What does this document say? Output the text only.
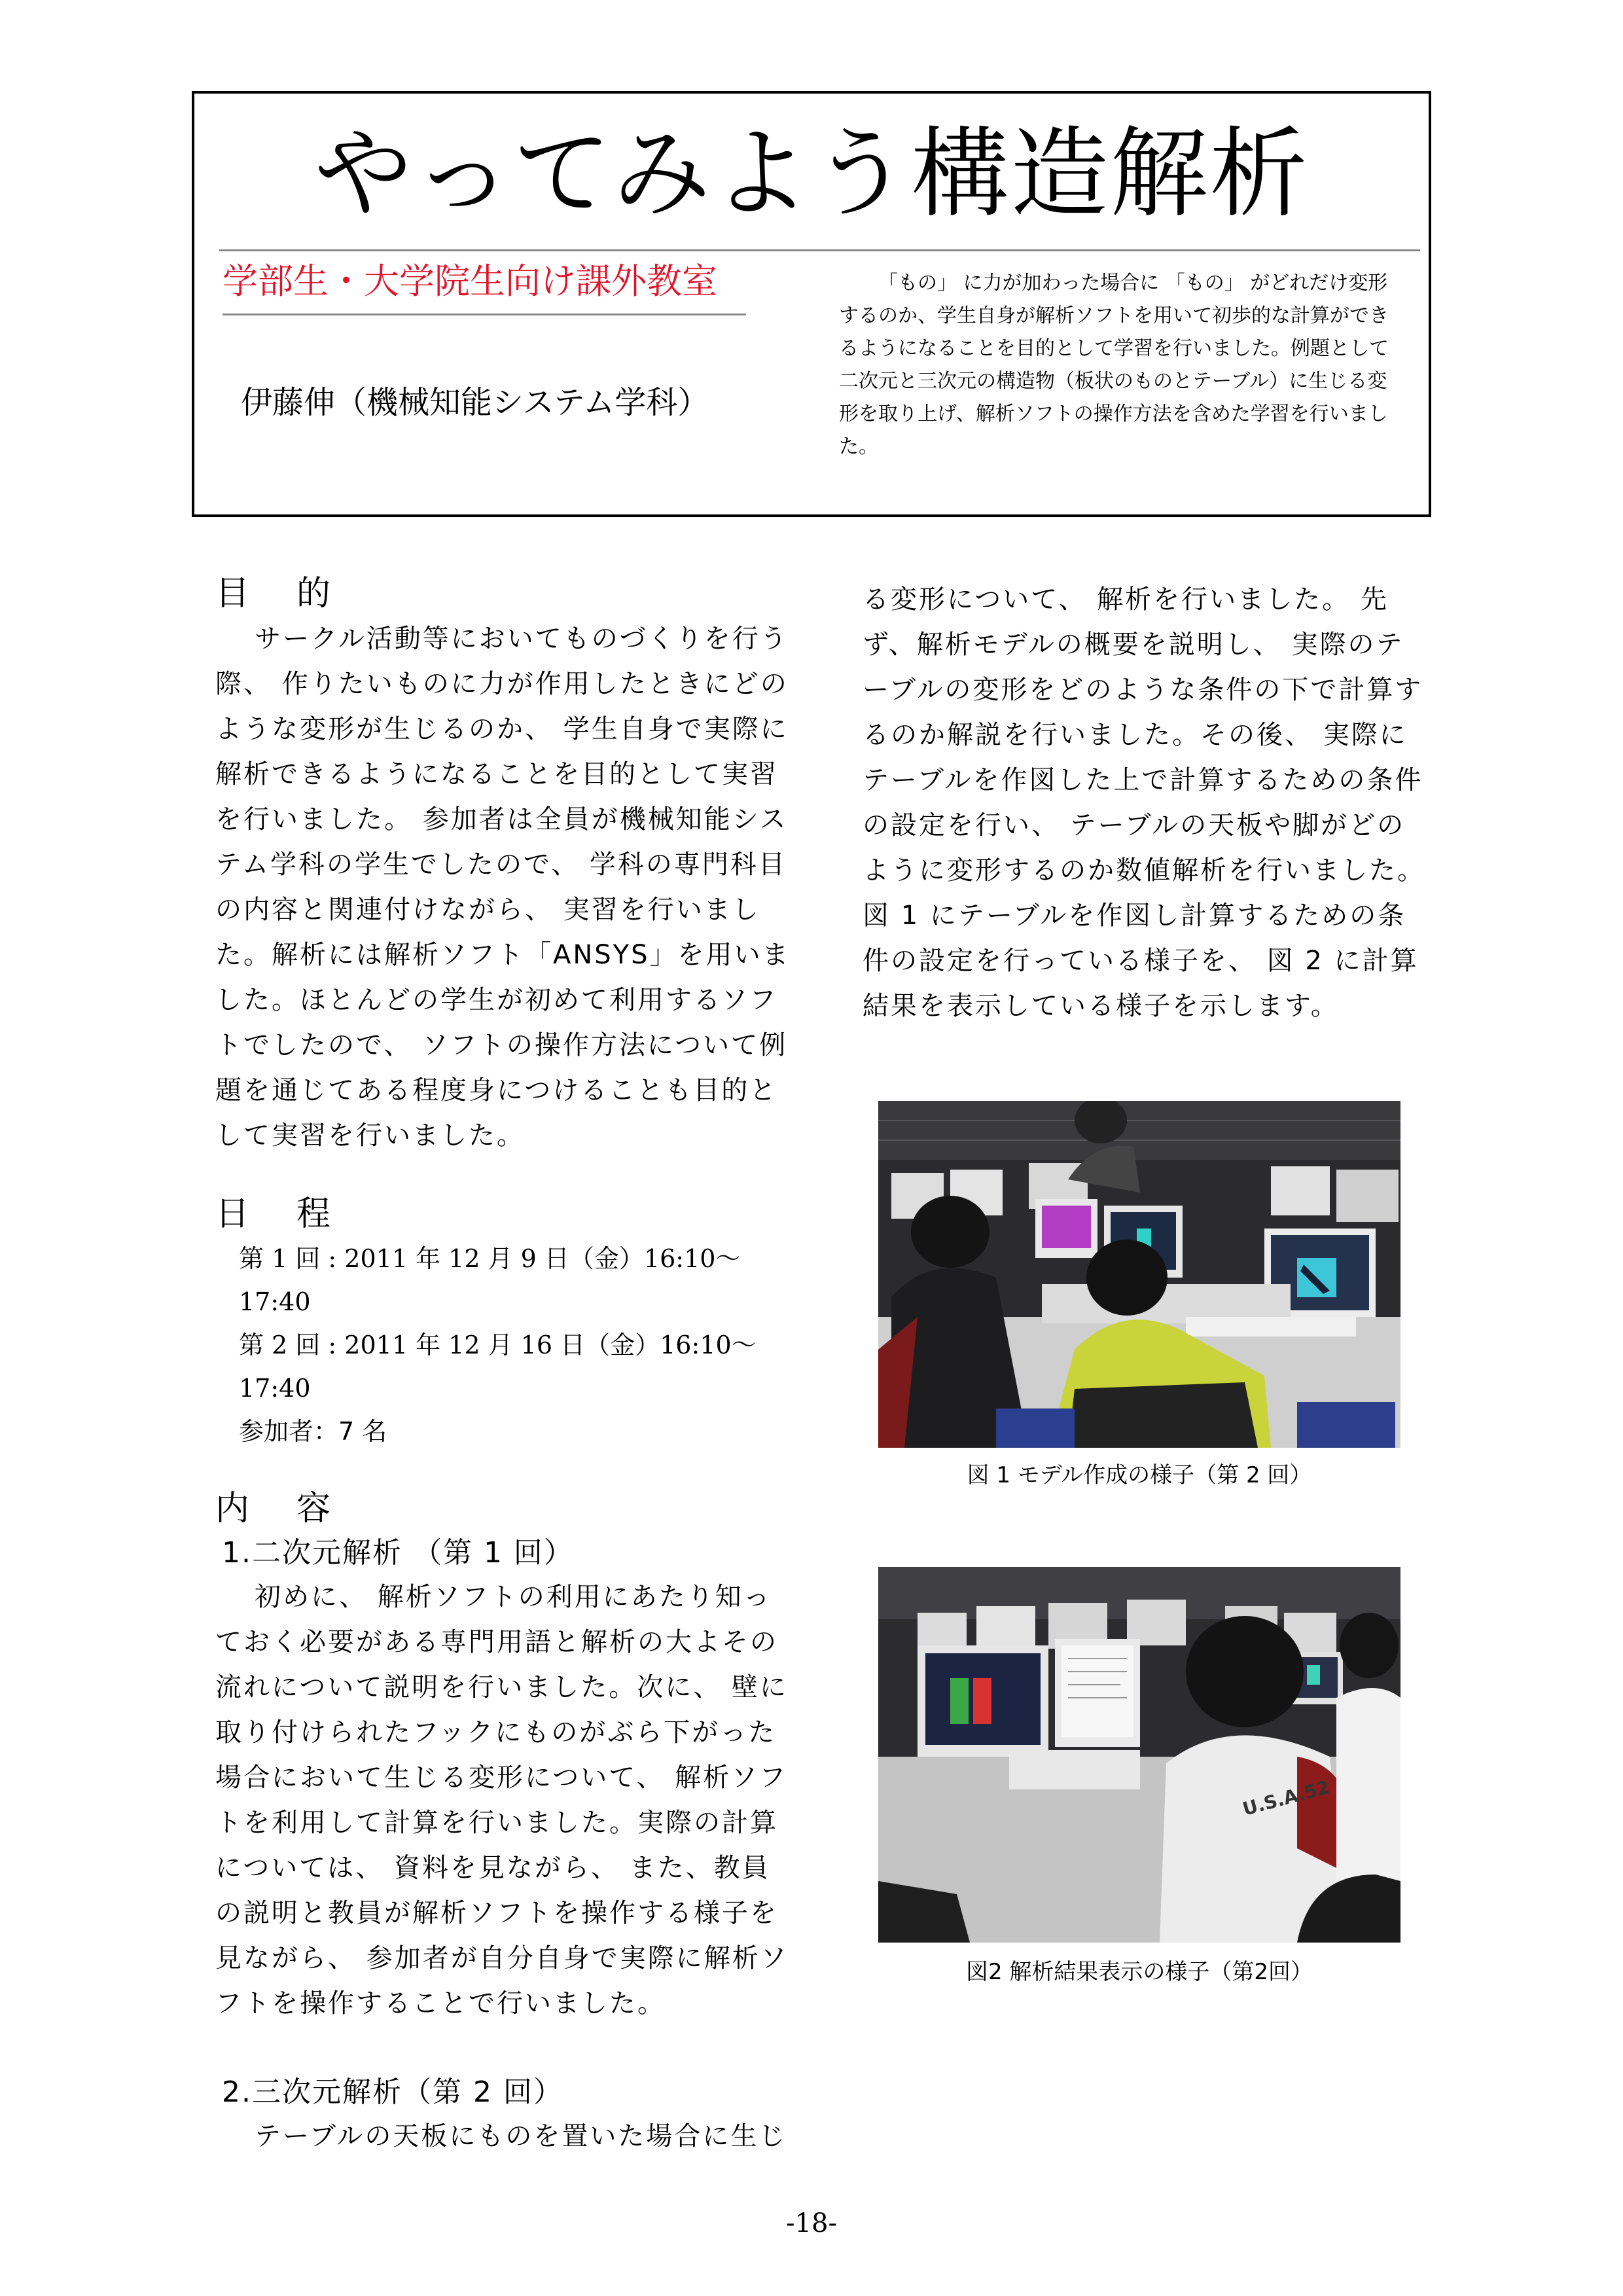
やってみよう構造解析
学部生・大学院生向け課外教室
伊藤伸（機械知能システム学科）
「もの」 に力が加わった場合に 「もの」 がどれだけ変形するのか、学生自身が解析ソフトを用いて初歩的な計算ができるようになることを目的として学習を行いました。例題として二次元と三次元の構造物（板状のものとテーブル）に生じる変形を取り上げ、解析ソフトの操作方法を含めた学習を行いました。
目 的

サークル活動等においてものづくりを行う際、 作りたいものに力が作用したときにどのような変形が生じるのか、 学生自身で実際に解析できるようになることを目的として実習を行いました。 参加者は全員が機械知能システム学科の学生でしたので、 学科の専門科目の内容と関連付けながら、 実習を行いました。解析には解析ソフト「ANSYS」を用いました。ほとんどの学生が初めて利用するソフトでしたので、 ソフトの操作方法について例題を通じてある程度身につけることも目的として実習を行いました。

日 程

第 1 回 : 2011 年 12 月 9 日（金）16:10～17:40

第 2 回 : 2011 年 12 月 16 日（金）16:10～17:40

参加者：7 名

内 容
1.二次元解析 （第 1 回）

初めに、 解析ソフトの利用にあたり知っておく必要がある専門用語と解析の大よその流れについて説明を行いました。次に、 壁に取り付けられたフックにものがぶら下がった場合において生じる変形について、 解析ソフトを利用して計算を行いました。実際の計算については、 資料を見ながら、 また、教員の説明と教員が解析ソフトを操作する様子を見ながら、 参加者が自分自身で実際に解析ソフトを操作することで行いました。

2.三次元解析（第 2 回）

テーブルの天板にものを置いた場合に生じ

る変形について、 解析を行いました。 先ず、解析モデルの概要を説明し、 実際のテーブルの変形をどのような条件の下で計算するのか解説を行いました。その後、 実際にテーブルを作図した上で計算するための条件の設定を行い、 テーブルの天板や脚がどのように変形するのか数値解析を行いました。図 1 にテーブルを作図し計算するための条件の設定を行っている様子を、 図 2 に計算結果を表示している様子を示します。

図 1 モデル作成の様子（第 2 回）
U.S.A.52
図2 解析結果表示の様子（第2回）
-18-
